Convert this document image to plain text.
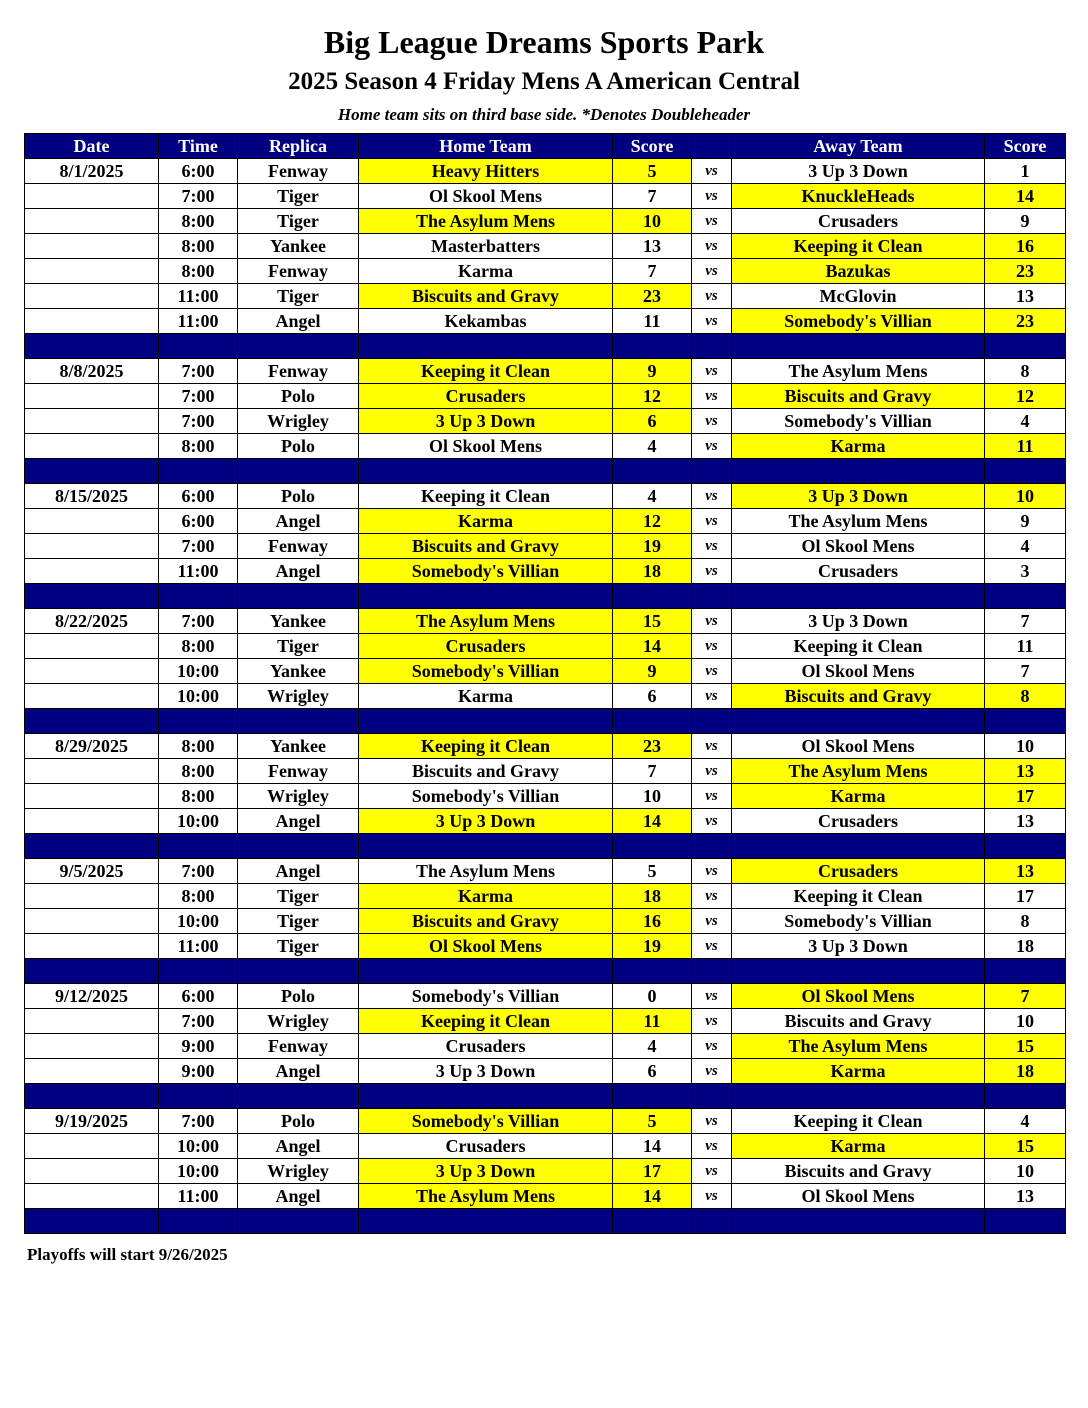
Big League Dreams Sports Park
2025 Season 4 Friday Mens A American Central
Home team sits on third base side. *Denotes Doubleheader
Date	Time	Replica	Home Team	Score		Away Team	Score
8/1/2025	6:00	Fenway	Heavy Hitters	5	vs	3 Up 3 Down	1
	7:00	Tiger	Ol Skool Mens	7	vs	KnuckleHeads	14
	8:00	Tiger	The Asylum Mens	10	vs	Crusaders	9
	8:00	Yankee	Masterbatters	13	vs	Keeping it Clean	16
	8:00	Fenway	Karma	7	vs	Bazukas	23
	11:00	Tiger	Biscuits and Gravy	23	vs	McGlovin	13
	11:00	Angel	Kekambas	11	vs	Somebody's Villian	23

8/8/2025	7:00	Fenway	Keeping it Clean	9	vs	The Asylum Mens	8
	7:00	Polo	Crusaders	12	vs	Biscuits and Gravy	12
	7:00	Wrigley	3 Up 3 Down	6	vs	Somebody's Villian	4
	8:00	Polo	Ol Skool Mens	4	vs	Karma	11

8/15/2025	6:00	Polo	Keeping it Clean	4	vs	3 Up 3 Down	10
	6:00	Angel	Karma	12	vs	The Asylum Mens	9
	7:00	Fenway	Biscuits and Gravy	19	vs	Ol Skool Mens	4
	11:00	Angel	Somebody's Villian	18	vs	Crusaders	3

8/22/2025	7:00	Yankee	The Asylum Mens	15	vs	3 Up 3 Down	7
	8:00	Tiger	Crusaders	14	vs	Keeping it Clean	11
	10:00	Yankee	Somebody's Villian	9	vs	Ol Skool Mens	7
	10:00	Wrigley	Karma	6	vs	Biscuits and Gravy	8

8/29/2025	8:00	Yankee	Keeping it Clean	23	vs	Ol Skool Mens	10
	8:00	Fenway	Biscuits and Gravy	7	vs	The Asylum Mens	13
	8:00	Wrigley	Somebody's Villian	10	vs	Karma	17
	10:00	Angel	3 Up 3 Down	14	vs	Crusaders	13

9/5/2025	7:00	Angel	The Asylum Mens	5	vs	Crusaders	13
	8:00	Tiger	Karma	18	vs	Keeping it Clean	17
	10:00	Tiger	Biscuits and Gravy	16	vs	Somebody's Villian	8
	11:00	Tiger	Ol Skool Mens	19	vs	3 Up 3 Down	18

9/12/2025	6:00	Polo	Somebody's Villian	0	vs	Ol Skool Mens	7
	7:00	Wrigley	Keeping it Clean	11	vs	Biscuits and Gravy	10
	9:00	Fenway	Crusaders	4	vs	The Asylum Mens	15
	9:00	Angel	3 Up 3 Down	6	vs	Karma	18

9/19/2025	7:00	Polo	Somebody's Villian	5	vs	Keeping it Clean	4
	10:00	Angel	Crusaders	14	vs	Karma	15
	10:00	Wrigley	3 Up 3 Down	17	vs	Biscuits and Gravy	10
	11:00	Angel	The Asylum Mens	14	vs	Ol Skool Mens	13

Playoffs will start 9/26/2025
